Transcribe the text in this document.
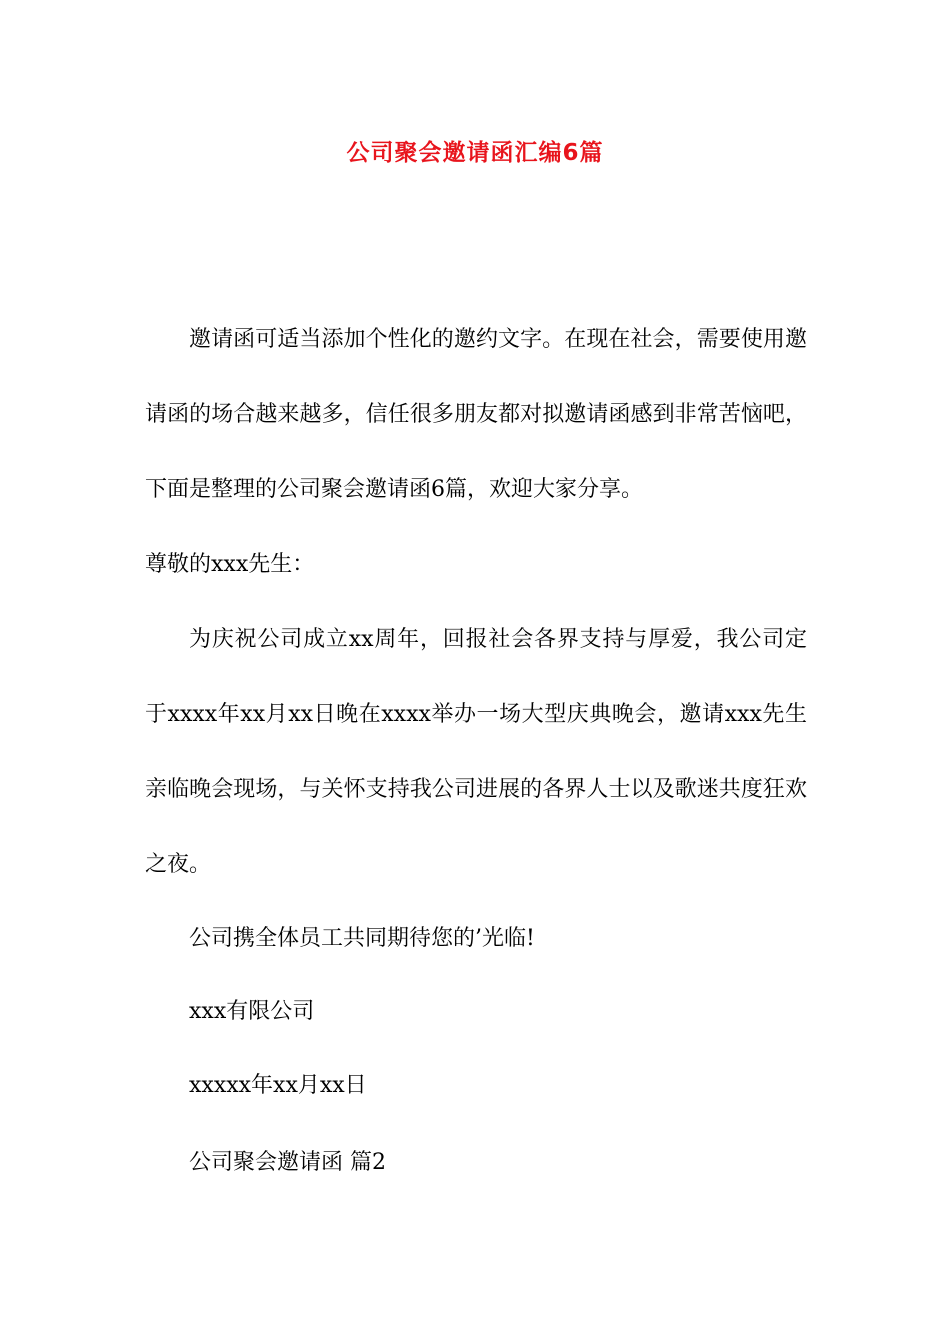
公司聚会邀请函汇编6篇
邀请函可适当添加个性化的邀约文字。在现在社会，需要使用邀请函的场合越来越多，信任很多朋友都对拟邀请函感到非常苦恼吧，下面是整理的公司聚会邀请函6篇，欢迎大家分享。
尊敬的xxx先生：
为庆祝公司成立xx周年，回报社会各界支持与厚爱，我公司定于xxxx年xx月xx日晚在xxxx举办一场大型庆典晚会，邀请xxx先生亲临晚会现场，与关怀支持我公司进展的各界人士以及歌迷共度狂欢之夜。
公司携全体员工共同期待您的’光临!
xxx有限公司
xxxxx年xx月xx日
公司聚会邀请函 篇2
